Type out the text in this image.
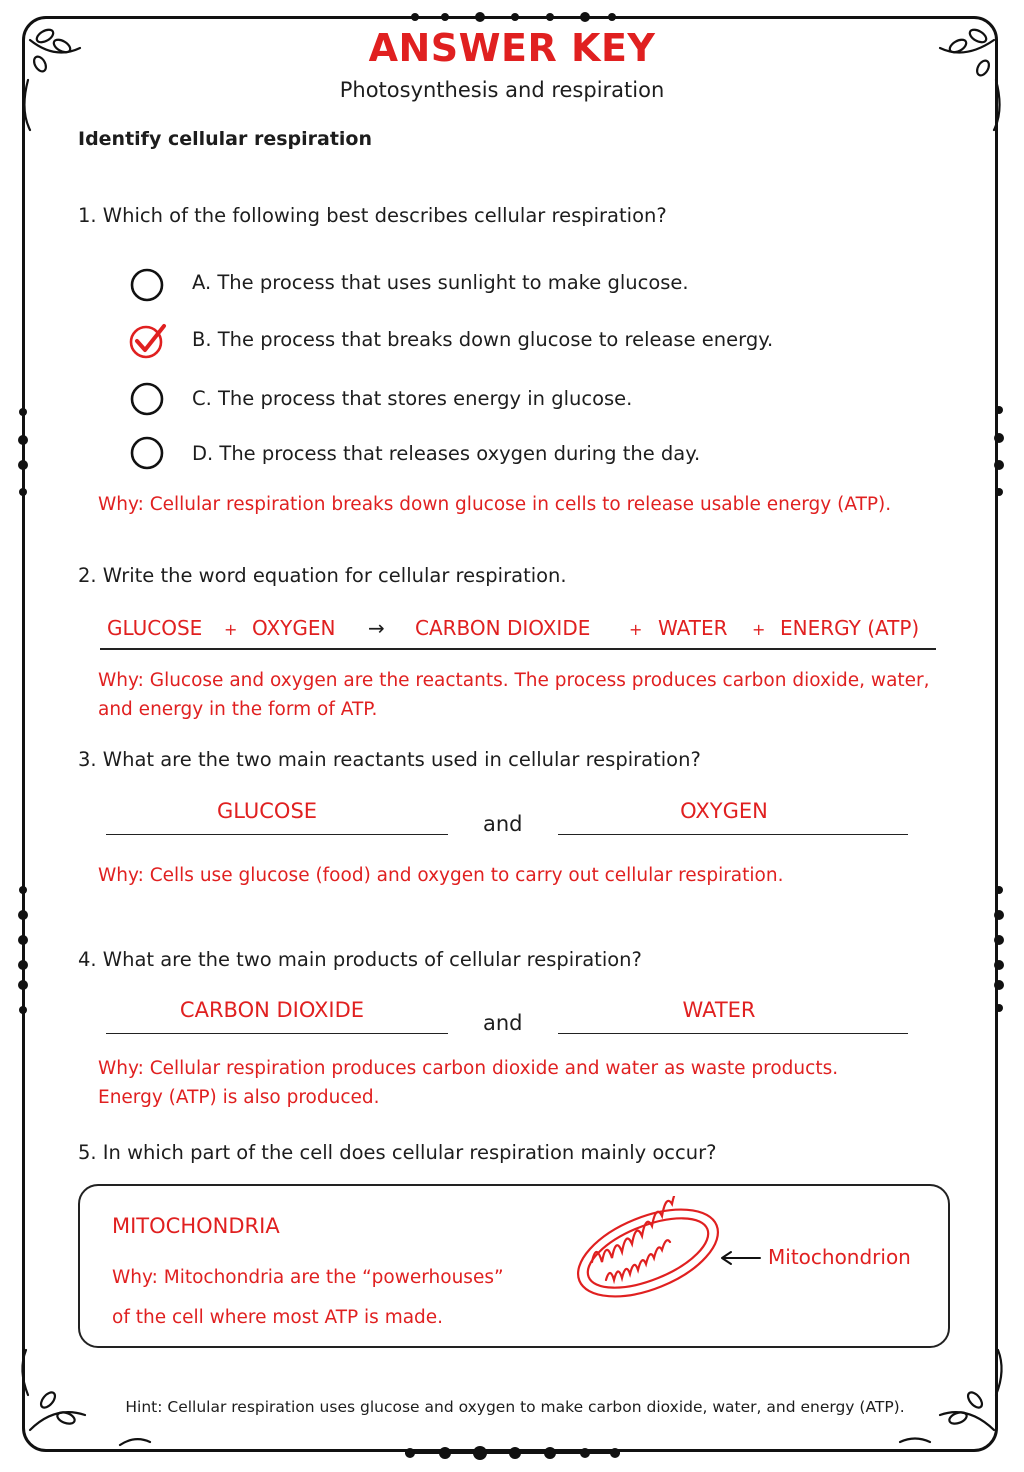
ANSWER KEY
Photosynthesis and respiration
Identify cellular respiration
1. Which of the following best describes cellular respiration?
A. The process that uses sunlight to make glucose.
B. The process that breaks down glucose to release energy.
C. The process that stores energy in glucose.
D. The process that releases oxygen during the day.
Why: Cellular respiration breaks down glucose in cells to release usable energy (ATP).
2. Write the word equation for cellular respiration.
GLUCOSE + OXYGEN → CARBON DIOXIDE + WATER + ENERGY (ATP)
Why: Glucose and oxygen are the reactants. The process produces carbon dioxide, water,
and energy in the form of ATP.
3. What are the two main reactants used in cellular respiration?
GLUCOSE
and
OXYGEN
Why: Cells use glucose (food) and oxygen to carry out cellular respiration.
4. What are the two main products of cellular respiration?
CARBON DIOXIDE
and
WATER
Why: Cellular respiration produces carbon dioxide and water as waste products.
Energy (ATP) is also produced.
5. In which part of the cell does cellular respiration mainly occur?
MITOCHONDRIA
Why: Mitochondria are the “powerhouses”
of the cell where most ATP is made.
Mitochondrion
Hint: Cellular respiration uses glucose and oxygen to make carbon dioxide, water, and energy (ATP).
